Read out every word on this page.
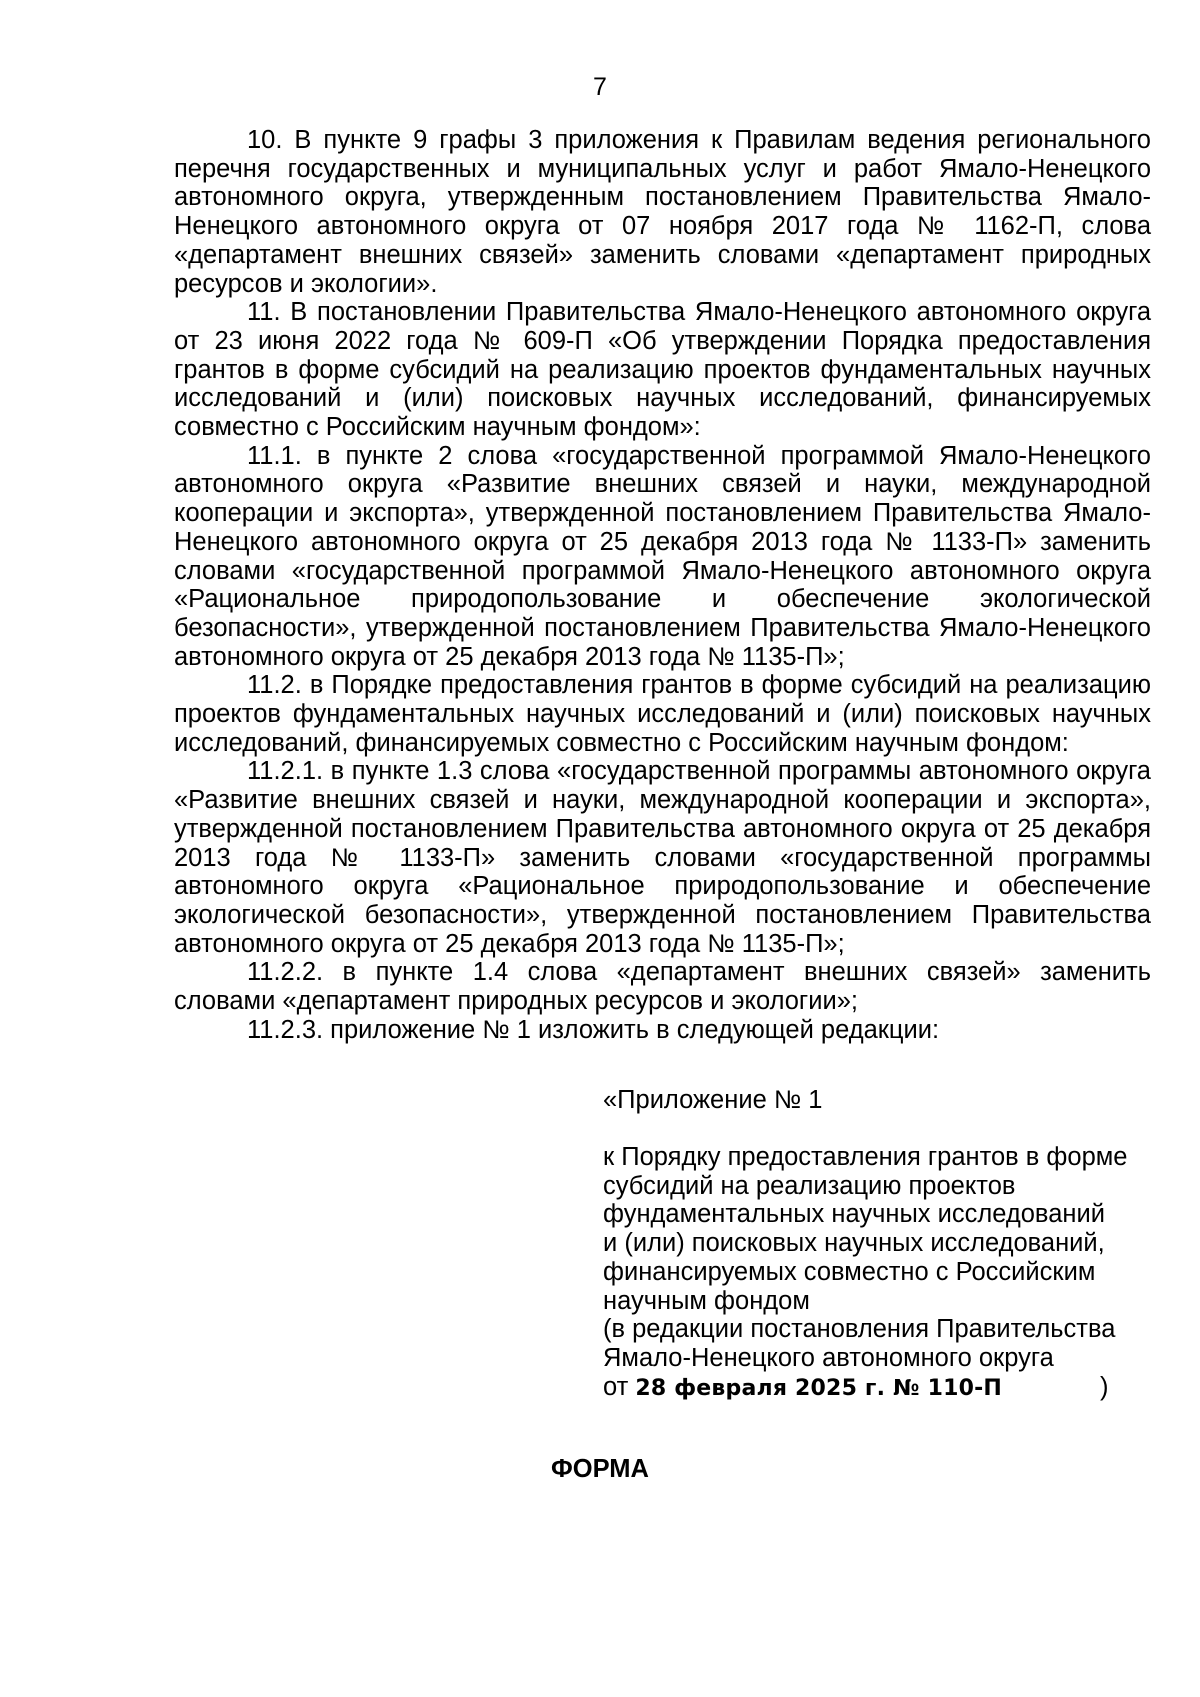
7

10. В пункте 9 графы 3 приложения к Правилам ведения регионального перечня государственных и муниципальных услуг и работ Ямало-Ненецкого автономного округа, утвержденным постановлением Правительства Ямало-Ненецкого автономного округа от 07 ноября 2017 года № 1162-П, слова «департамент внешних связей» заменить словами «департамент природных ресурсов и экологии».

11. В постановлении Правительства Ямало-Ненецкого автономного округа от 23 июня 2022 года № 609-П «Об утверждении Порядка предоставления грантов в форме субсидий на реализацию проектов фундаментальных научных исследований и (или) поисковых научных исследований, финансируемых совместно с Российским научным фондом»:

11.1. в пункте 2 слова «государственной программой Ямало-Ненецкого автономного округа «Развитие внешних связей и науки, международной кооперации и экспорта», утвержденной постановлением Правительства Ямало-Ненецкого автономного округа от 25 декабря 2013 года № 1133-П» заменить словами «государственной программой Ямало-Ненецкого автономного округа «Рациональное природопользование и обеспечение экологической безопасности», утвержденной постановлением Правительства Ямало-Ненецкого автономного округа от 25 декабря 2013 года № 1135-П»;

11.2. в Порядке предоставления грантов в форме субсидий на реализацию проектов фундаментальных научных исследований и (или) поисковых научных исследований, финансируемых совместно с Российским научным фондом:

11.2.1. в пункте 1.3 слова «государственной программы автономного округа «Развитие внешних связей и науки, международной кооперации и экспорта», утвержденной постановлением Правительства автономного округа от 25 декабря 2013 года № 1133-П» заменить словами «государственной программы автономного округа «Рациональное природопользование и обеспечение экологической безопасности», утвержденной постановлением Правительства автономного округа от 25 декабря 2013 года № 1135-П»;

11.2.2. в пункте 1.4 слова «департамент внешних связей» заменить словами «департамент природных ресурсов и экологии»;

11.2.3. приложение № 1 изложить в следующей редакции:

«Приложение № 1
к Порядку предоставления грантов в форме
субсидий на реализацию проектов
фундаментальных научных исследований
и (или) поисковых научных исследований,
финансируемых совместно с Российским
научным фондом
(в редакции постановления Правительства
Ямало-Ненецкого автономного округа
от 28 февраля 2025 г. № 110-П	)
ФОРМА
